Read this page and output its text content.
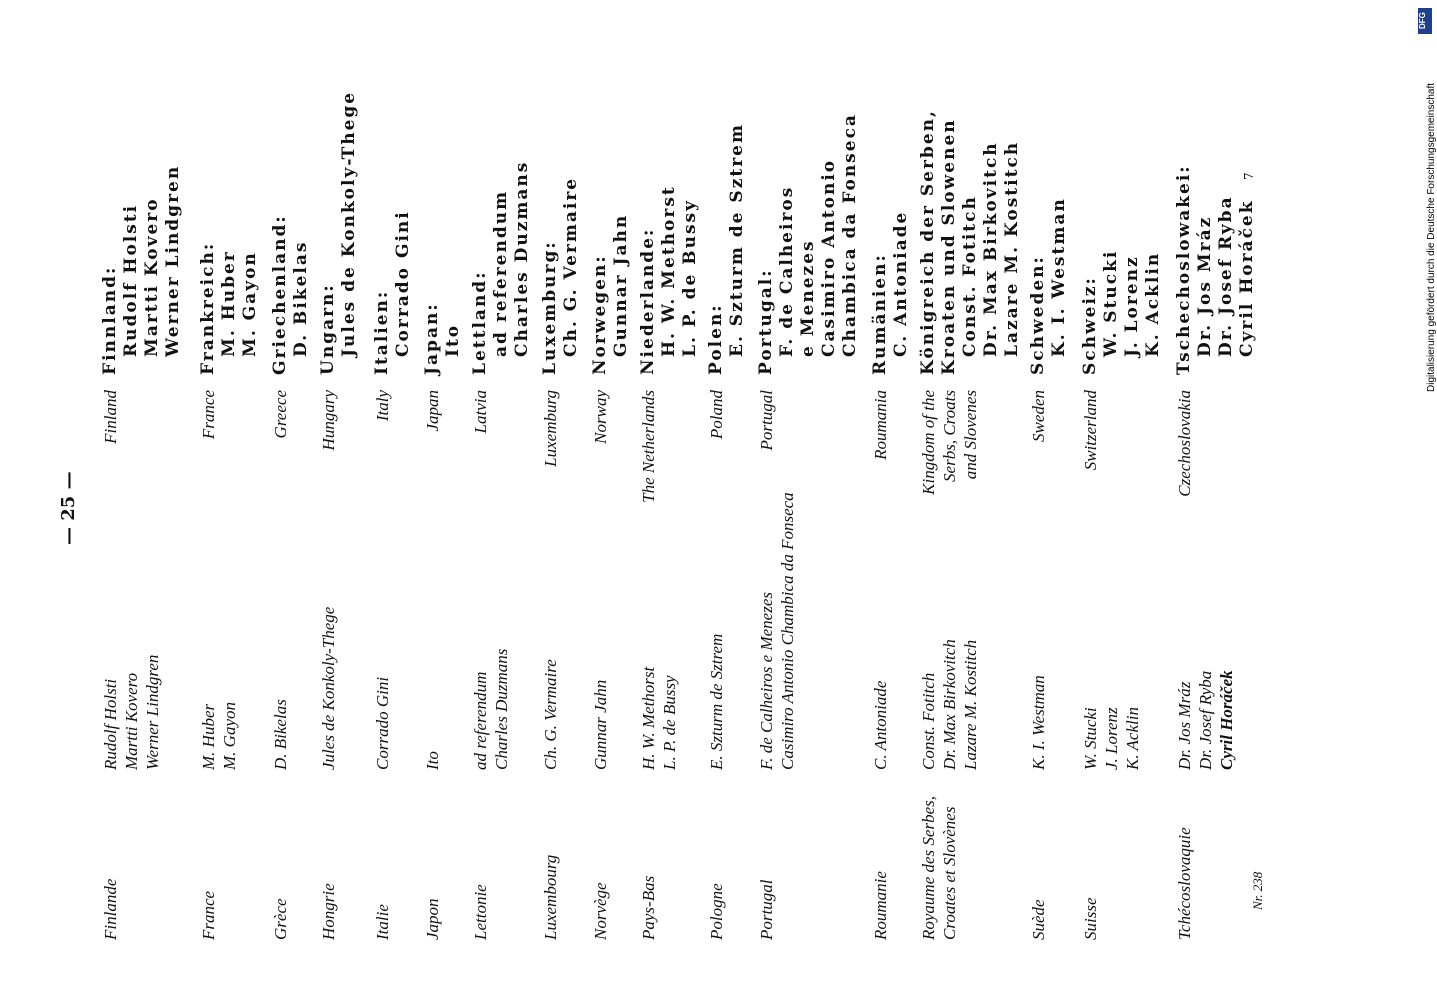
DFG
Digitalisierung gefördert durch die Deutsche Forschungsgemeinschaft
— 25 —
Finlande
Rudolf Holsti Martti Kovero Werner Lindgren
Finland
Finnland: Rudolf Holsti Martti Kovero Werner Lindgren
France
M. Huber M. Gayon
France
Frankreich: M. Huber M. Gayon
Grèce
D. Bikelas
Greece
Griechenland: D. Bikelas
Hongrie
Jules de Konkoly-Thege
Hungary
Ungarn: Jules de Konkoly-Thege
Italie
Corrado Gini
Italy
Italien: Corrado Gini
Japon
Ito
Japan
Japan: Ito
Lettonie
ad referendum Charles Duzmans
Latvia
Lettland: ad referendum Charles Duzmans
Luxembourg
Ch. G. Vermaire
Luxemburg
Luxemburg: Ch. G. Vermaire
Norvège
Gunnar Jahn
Norway
Norwegen: Gunnar Jahn
Pays-Bas
H. W. Methorst L. P. de Bussy
The Netherlands
Niederlande: H. W. Methorst L. P. de Bussy
Pologne
E. Szturm de Sztrem
Poland
Polen: E. Szturm de Sztrem
Portugal
F. de Calheiros e Menezes Casimiro Antonio Chambica da Fonseca
Portugal
Portugal: F. de Calheiros e Menezes Casimiro Antonio Chambica da Fonseca
Roumanie
C. Antoniade
Roumania
Rumänien: C. Antoniade
Royaume des Serbes, Croates et Slovènes
Const. Fotitch Dr. Max Birkovitch Lazare M. Kostitch
Kingdom of the Serbs, Croats and Slovenes
Königreich der Serben, Kroaten und Slowenen Const. Fotitch Dr. Max Birkovitch Lazare M. Kostitch
Suède
K. I. Westman
Sweden
Schweden: K. I. Westman
Suisse
W. Stucki J. Lorenz K. Acklin
Switzerland
Schweiz: W. Stucki J. Lorenz K. Acklin
Tchécoslovaquie
Dr. Jos Mráz Dr. Josef Ryba Cyril Horáček
Czechoslovakia
Tschechoslowakei: Dr. Jos Mráz Dr. Josef Ryba Cyril Horáček
Nr. 238
7
